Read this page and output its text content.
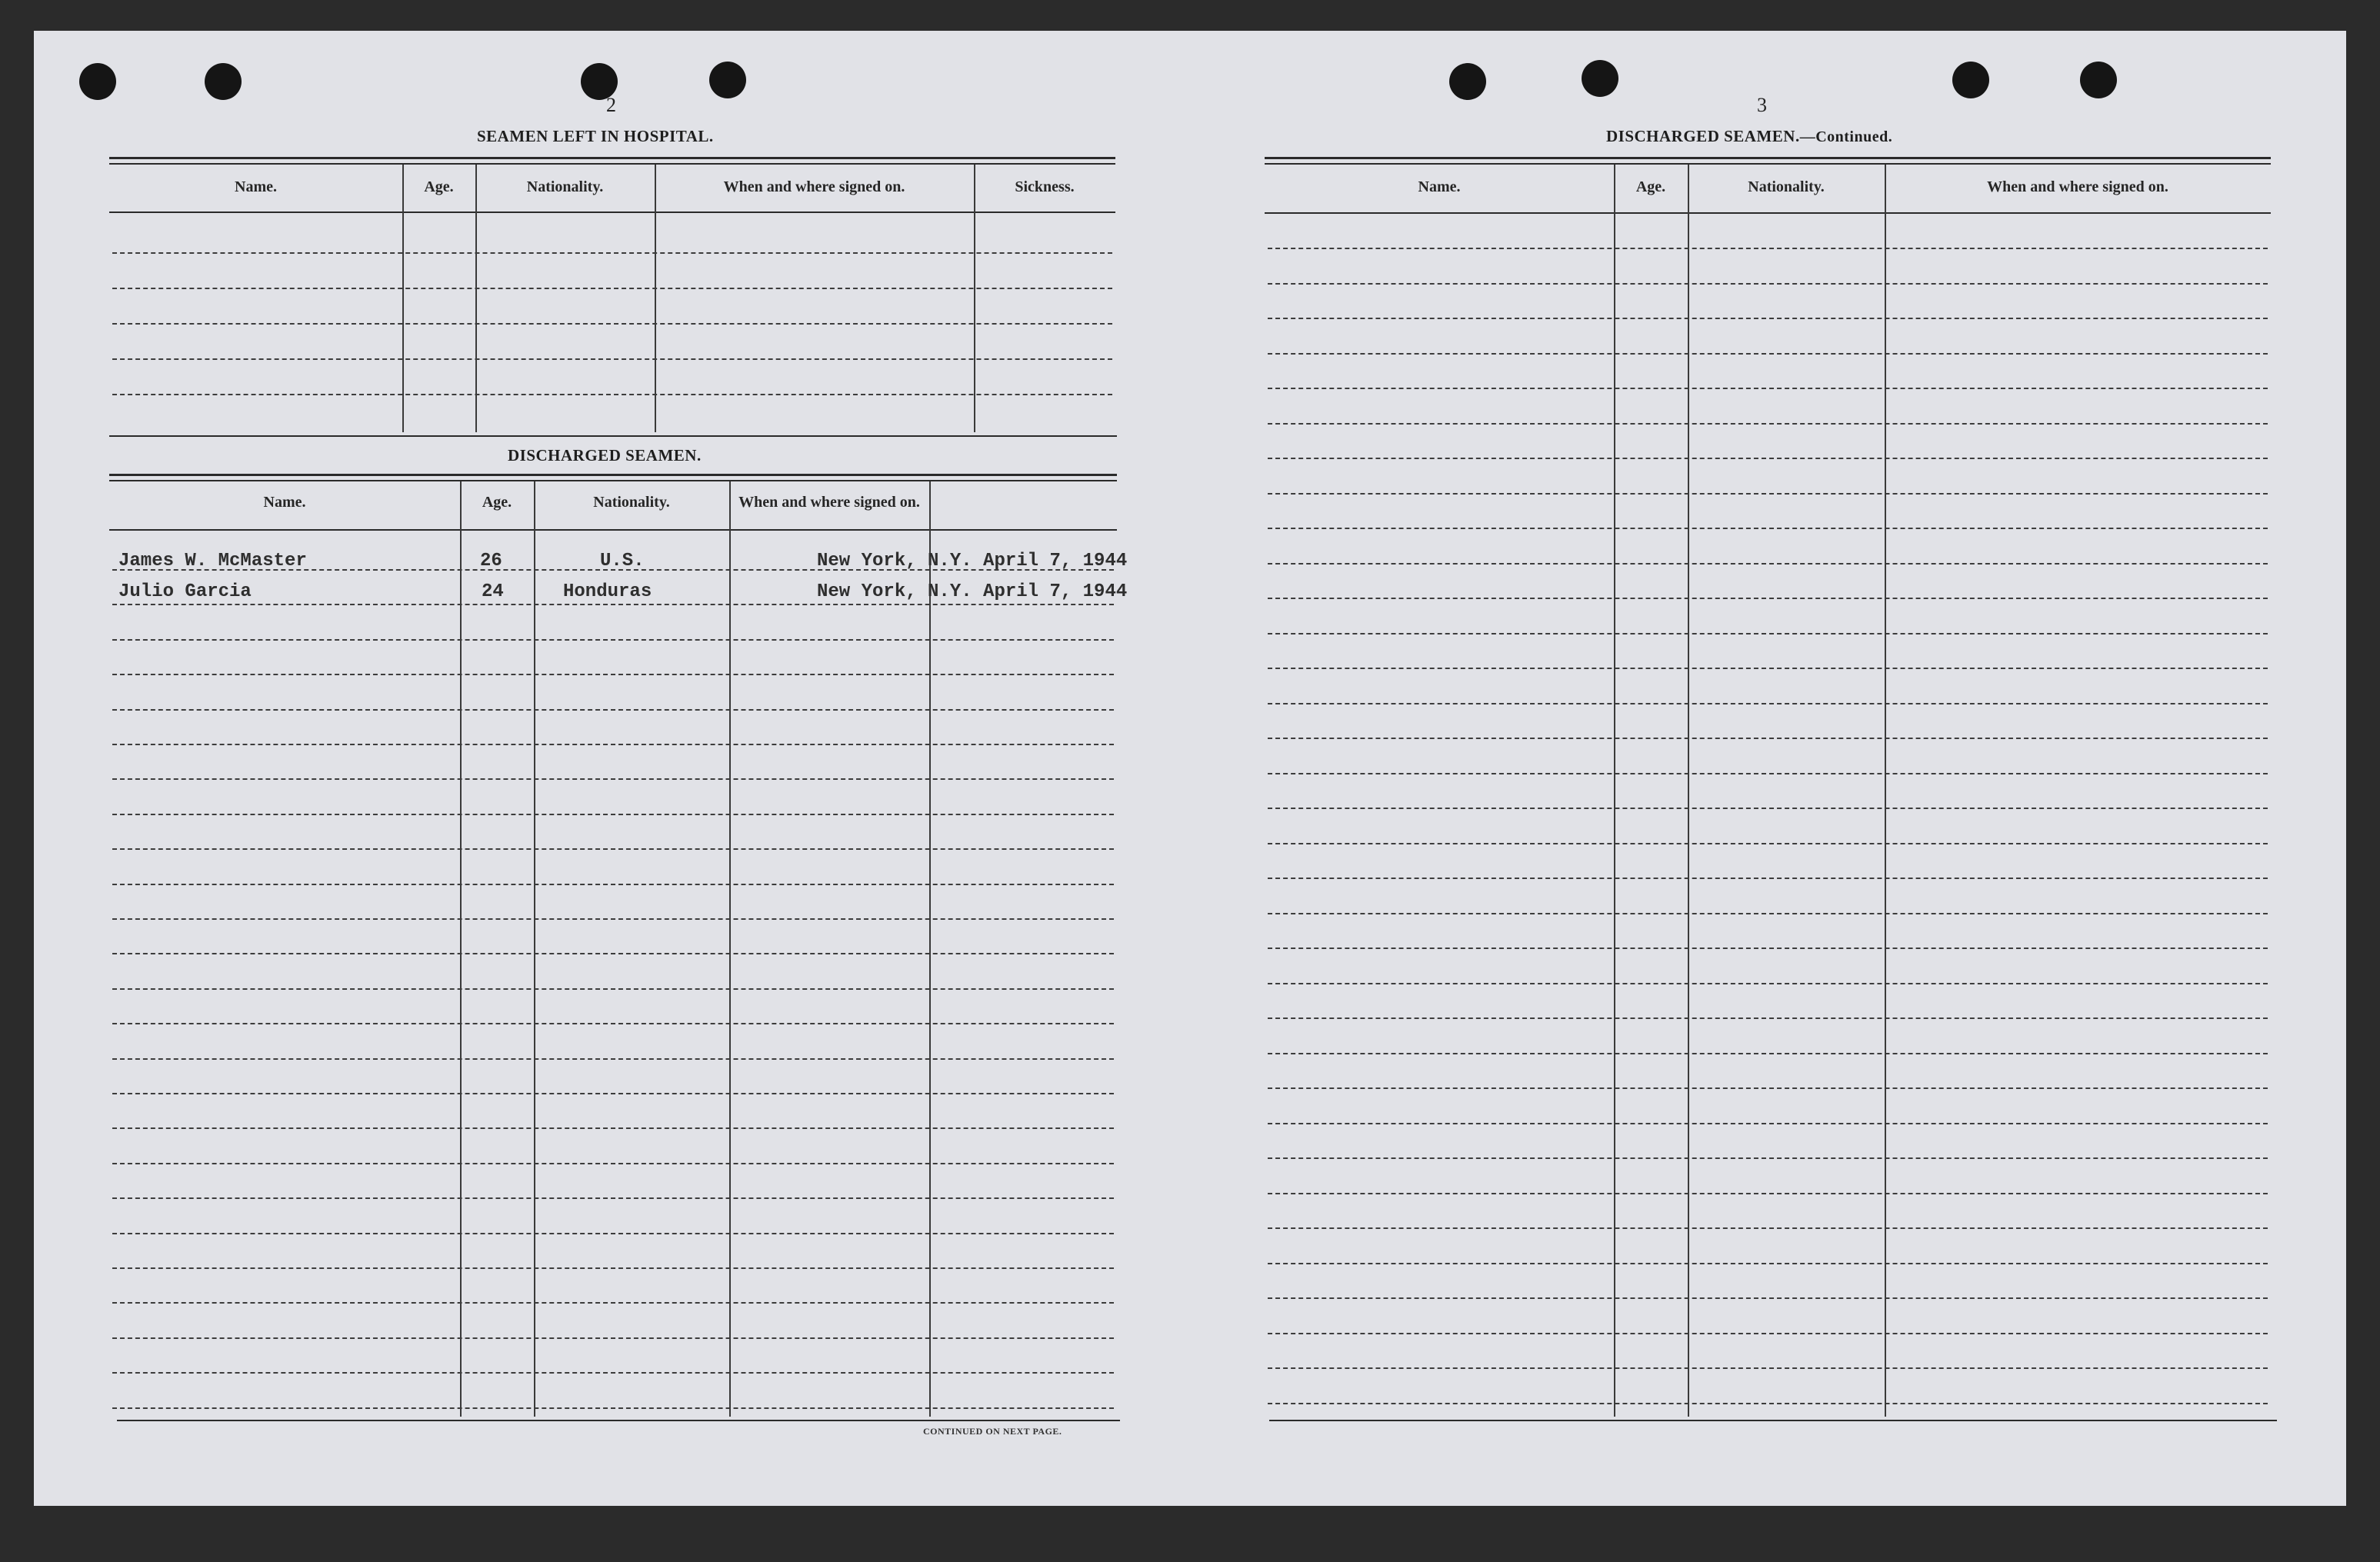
2
SEAMEN LEFT IN HOSPITAL.
Name.	Age.	Nationality.	When and where signed on.	Sickness.
DISCHARGED SEAMEN.
Name.	Age.	Nationality.	When and where signed on.
James W. McMaster	26	U.S.	New York, N.Y. April 7, 1944
Julio Garcia	24	Honduras	New York, N.Y. April 7, 1944
CONTINUED ON NEXT PAGE.
3
DISCHARGED SEAMEN.—Continued.
Name.	Age.	Nationality.	When and where signed on.
